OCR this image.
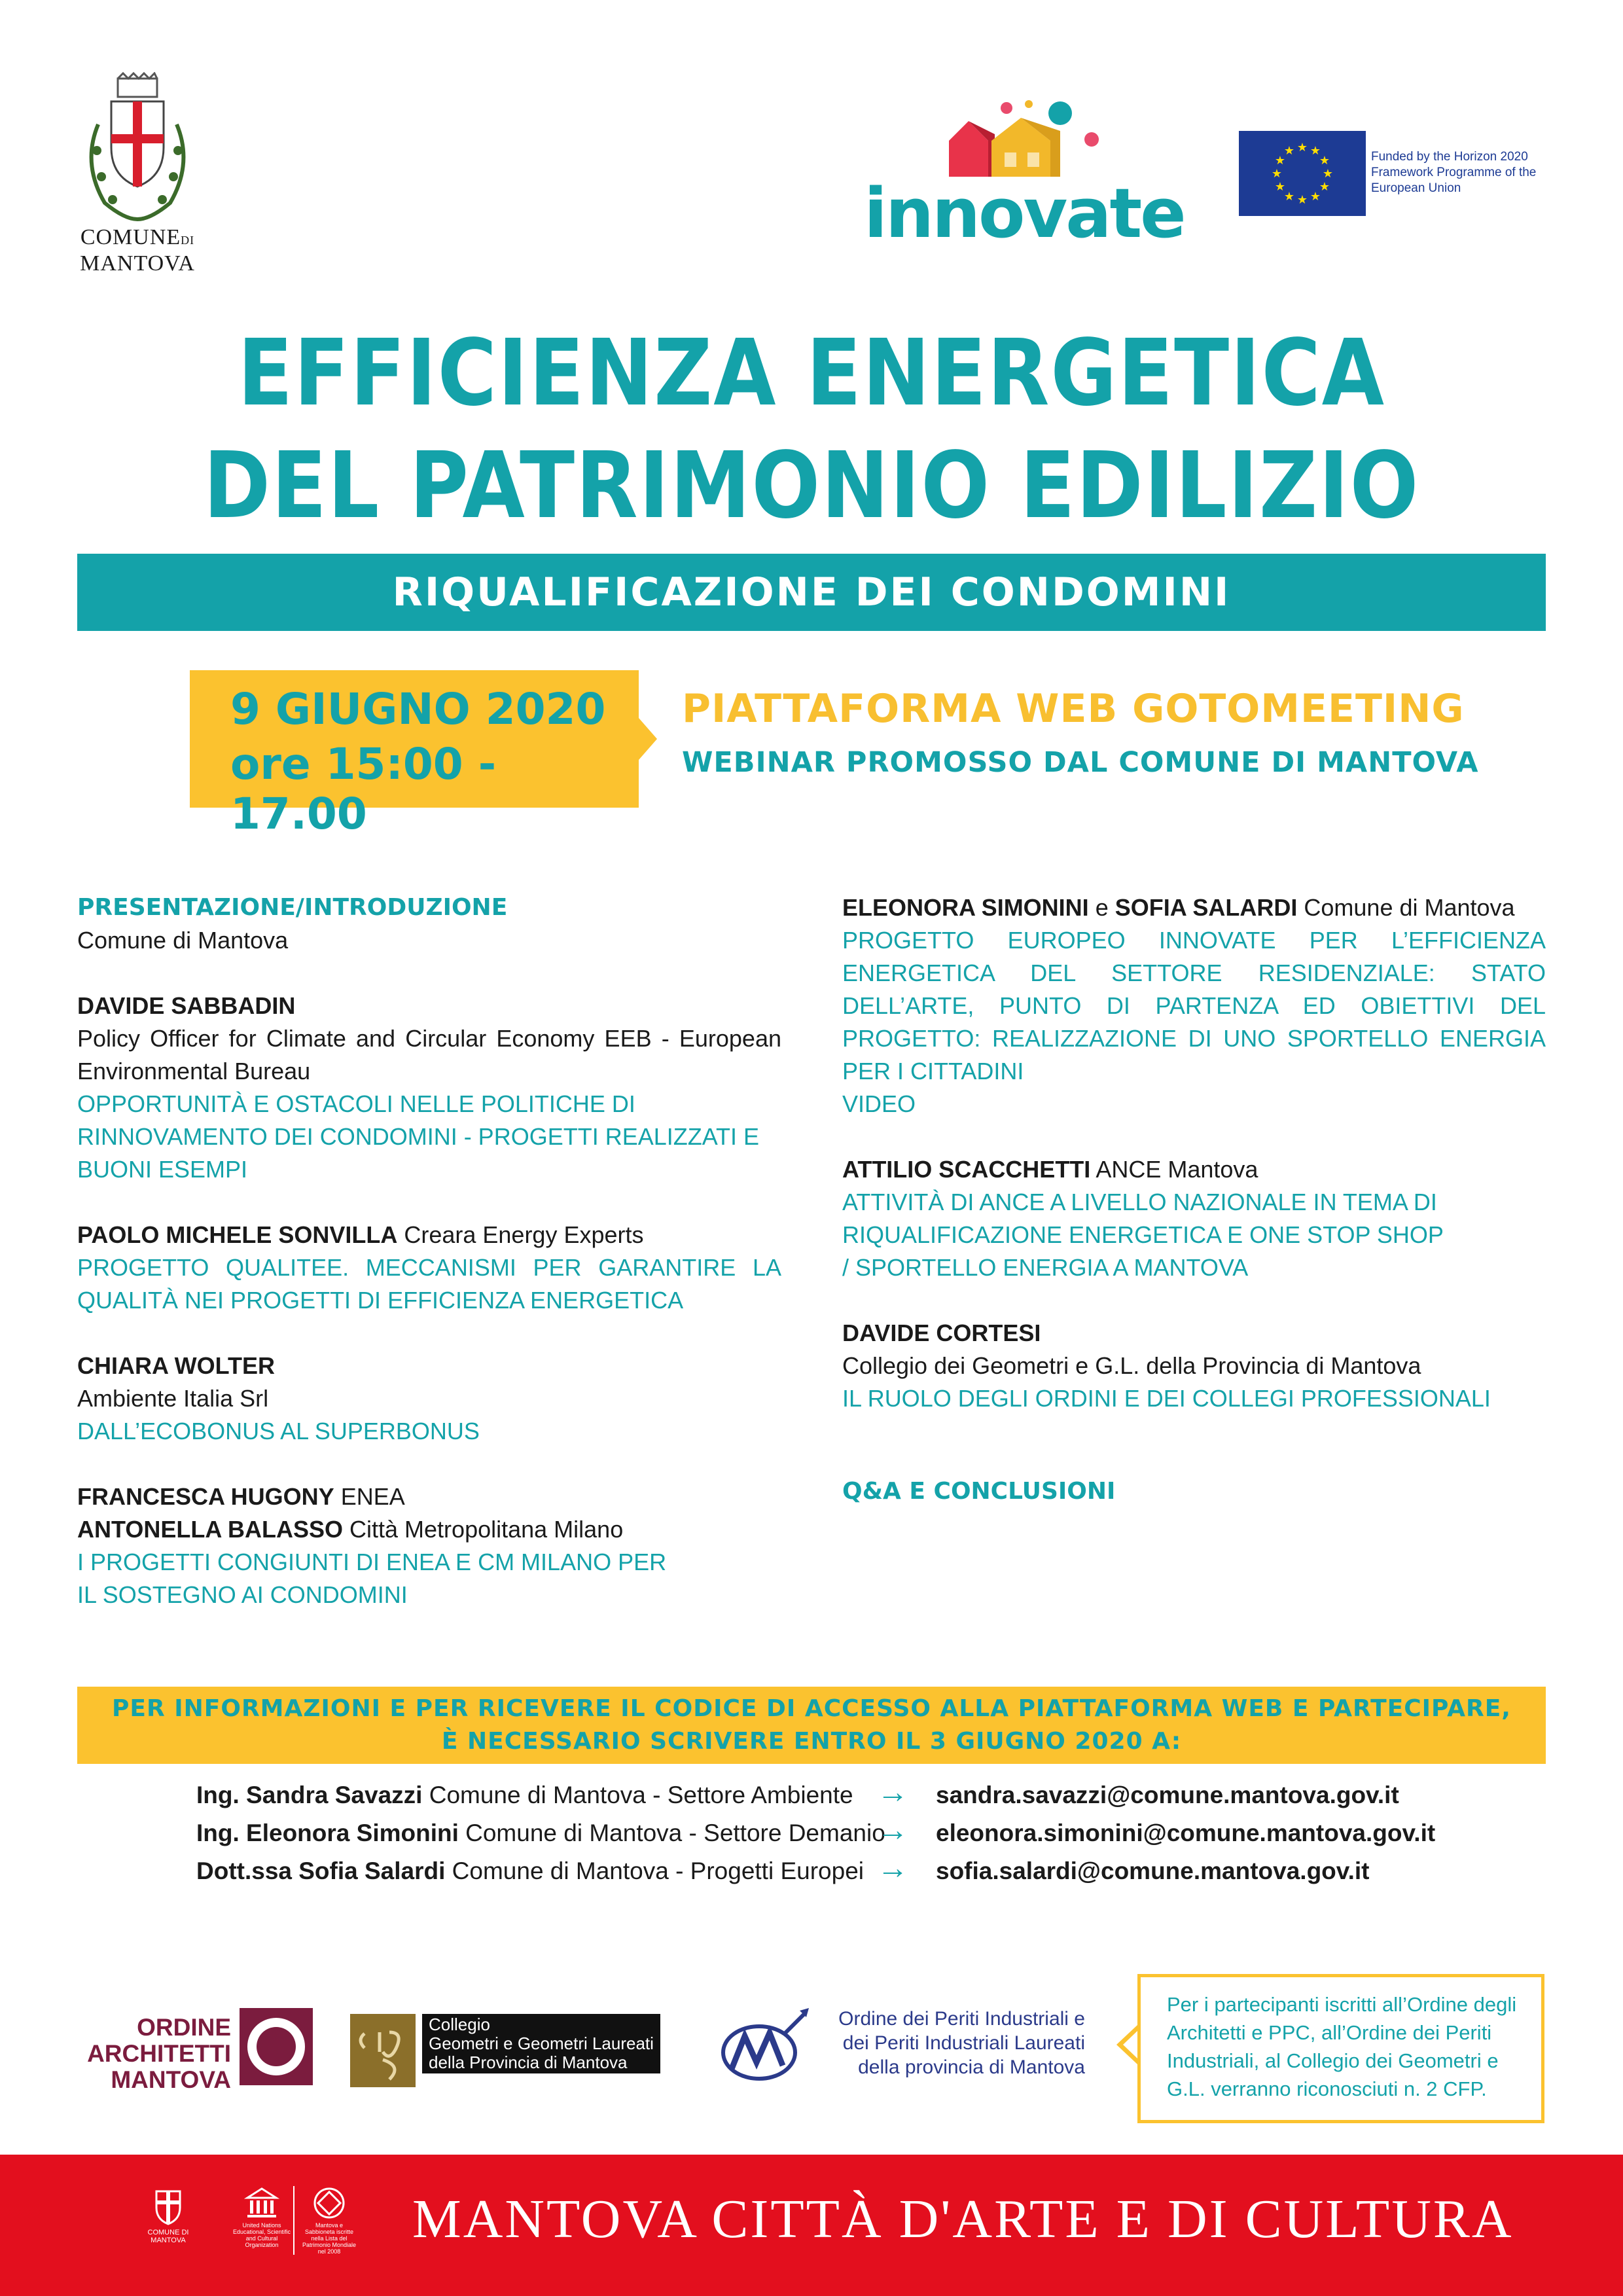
COMUNEDI
MANTOVA
innovate
★ ★
★
★
★
★
★
★
★
★
★
★	Funded by the Horizon 2020 Framework Programme of the European Union
EFFICIENZA ENERGETICA
DEL PATRIMONIO EDILIZIO
RIQUALIFICAZIONE DEI CONDOMINI
9 GIUGNO 2020
ore 15:00 - 17.00
PIATTAFORMA WEB GOTOMEETING
WEBINAR PROMOSSO DAL COMUNE DI MANTOVA

PRESENTAZIONE/INTRODUZIONE

Comune di Mantova

DAVIDE SABBADIN

Policy Officer for Climate and Circular Economy EEB - European Environmental Bureau

OPPORTUNITÀ E OSTACOLI NELLE POLITICHE DI RINNOVAMENTO DEI CONDOMINI - PROGETTI REALIZZATI E BUONI ESEMPI

PAOLO MICHELE SONVILLA Creara Energy Experts

PROGETTO QUALITEE. MECCANISMI PER GARANTIRE LA QUALITÀ NEI PROGETTI DI EFFICIENZA ENERGETICA

CHIARA WOLTER

Ambiente Italia Srl

DALL’ECOBONUS AL SUPERBONUS

FRANCESCA HUGONY ENEA

ANTONELLA BALASSO Città Metropolitana Milano

I PROGETTI CONGIUNTI DI ENEA E CM MILANO PER IL SOSTEGNO AI CONDOMINI

ELEONORA SIMONINI e SOFIA SALARDI Comune di Mantova

PROGETTO EUROPEO INNOVATE PER L’EFFICIENZA ENERGETICA DEL SETTORE RESIDENZIALE: STATO DELL’ARTE, PUNTO DI PARTENZA ED OBIETTIVI DEL PROGETTO: REALIZZAZIONE DI UNO SPORTELLO ENERGIA PER I CITTADINI

VIDEO

ATTILIO SCACCHETTI ANCE Mantova

ATTIVITÀ DI ANCE A LIVELLO NAZIONALE IN TEMA DI RIQUALIFICAZIONE ENERGETICA E ONE STOP SHOP / SPORTELLO ENERGIA A MANTOVA

DAVIDE CORTESI

Collegio dei Geometri e G.L. della Provincia di Mantova

IL RUOLO DEGLI ORDINI E DEI COLLEGI PROFESSIONALI

Q&A E CONCLUSIONI

PER INFORMAZIONI E PER RICEVERE IL CODICE DI ACCESSO ALLA PIATTAFORMA WEB E PARTECIPARE,
È NECESSARIO SCRIVERE ENTRO IL 3 GIUGNO 2020 A:
Ing. Sandra Savazzi Comune di Mantova - Settore Ambiente → sandra.savazzi@comune.mantova.gov.it
Ing. Eleonora Simonini Comune di Mantova - Settore Demanio
→ eleonora.simonini@comune.mantova.gov.it
Dott.ssa Sofia Salardi Comune di Mantova - Progetti Europei → sofia.salardi@comune.mantova.gov.it
ORDINE
ARCHITETTI
MANTOVA
Collegio
Geometri e Geometri Laureati
della Provincia di Mantova
Ordine dei Periti Industriali e
dei Periti Industriali Laureati
della provincia di Mantova
Per i partecipanti iscritti all’Ordine degli Architetti e PPC, all’Ordine dei Periti Industriali, al Collegio dei Geometri e G.L. verranno riconosciuti n. 2 CFP.
COMUNE DI MANTOVA
United Nations Educational, Scientific and Cultural Organization
Mantova e Sabbioneta iscritte nella Lista del Patrimonio Mondiale nel 2008
MANTOVA CITTÀ D'ARTE E DI CULTURA
